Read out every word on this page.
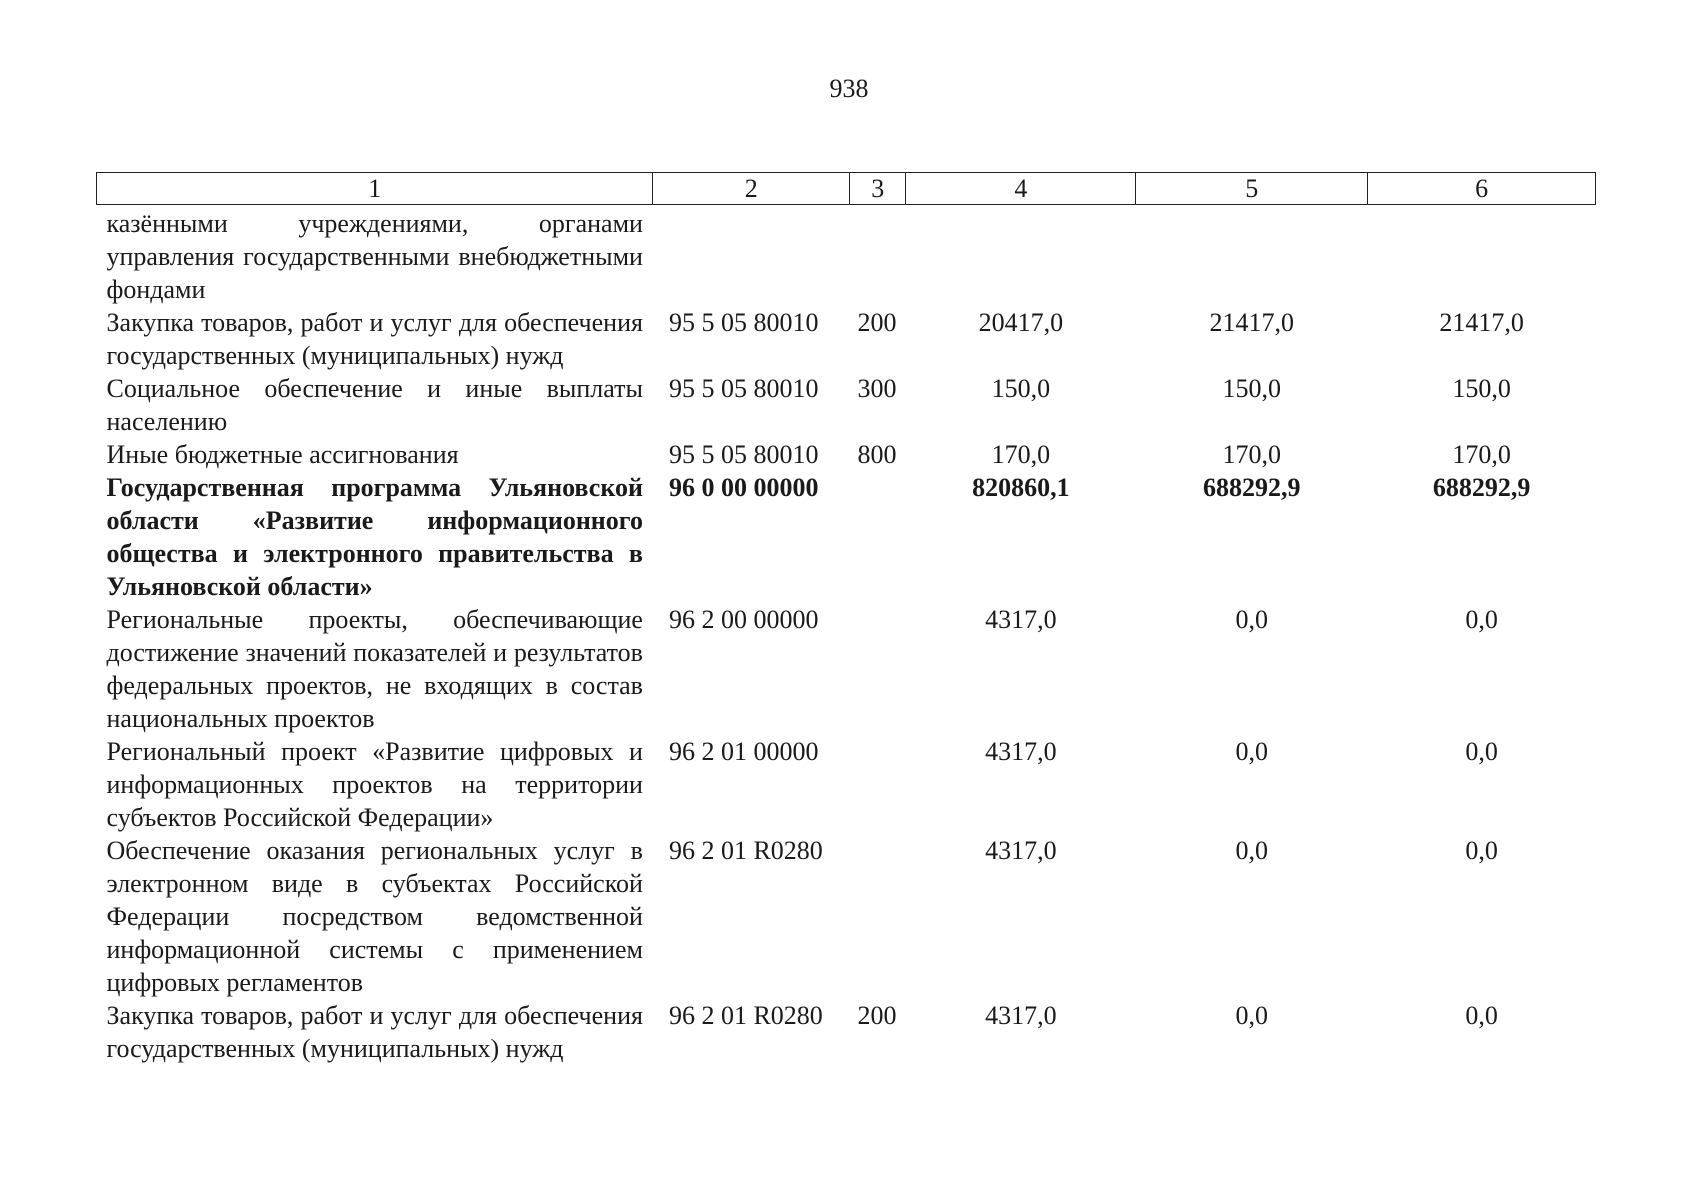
938
1	2	3	4	5	6
казёнными учреждениями, органами управления государственными внебюджетными фондами					
Закупка товаров, работ и услуг для обеспечения государственных (муниципальных) нужд	95 5 05 80010	200	20417,0	21417,0	21417,0
Социальное обеспечение и иные выплаты населению	95 5 05 80010	300	150,0	150,0	150,0
Иные бюджетные ассигнования	95 5 05 80010	800	170,0	170,0	170,0
Государственная программа Ульяновской области «Развитие информационного общества и электронного правительства в Ульяновской области»	96 0 00 00000		820860,1	688292,9	688292,9
Региональные проекты, обеспечивающие достижение значений показателей и результатов федеральных проектов, не входящих в состав национальных проектов	96 2 00 00000		4317,0	0,0	0,0
Региональный проект «Развитие цифровых и информационных проектов на территории субъектов Российской Федерации»	96 2 01 00000		4317,0	0,0	0,0
Обеспечение оказания региональных услуг в электронном виде в субъектах Российской Федерации посредством ведомственной информационной системы с применением цифровых регламентов	96 2 01 R0280		4317,0	0,0	0,0
Закупка товаров, работ и услуг для обеспечения государственных (муниципальных) нужд	96 2 01 R0280	200	4317,0	0,0	0,0
